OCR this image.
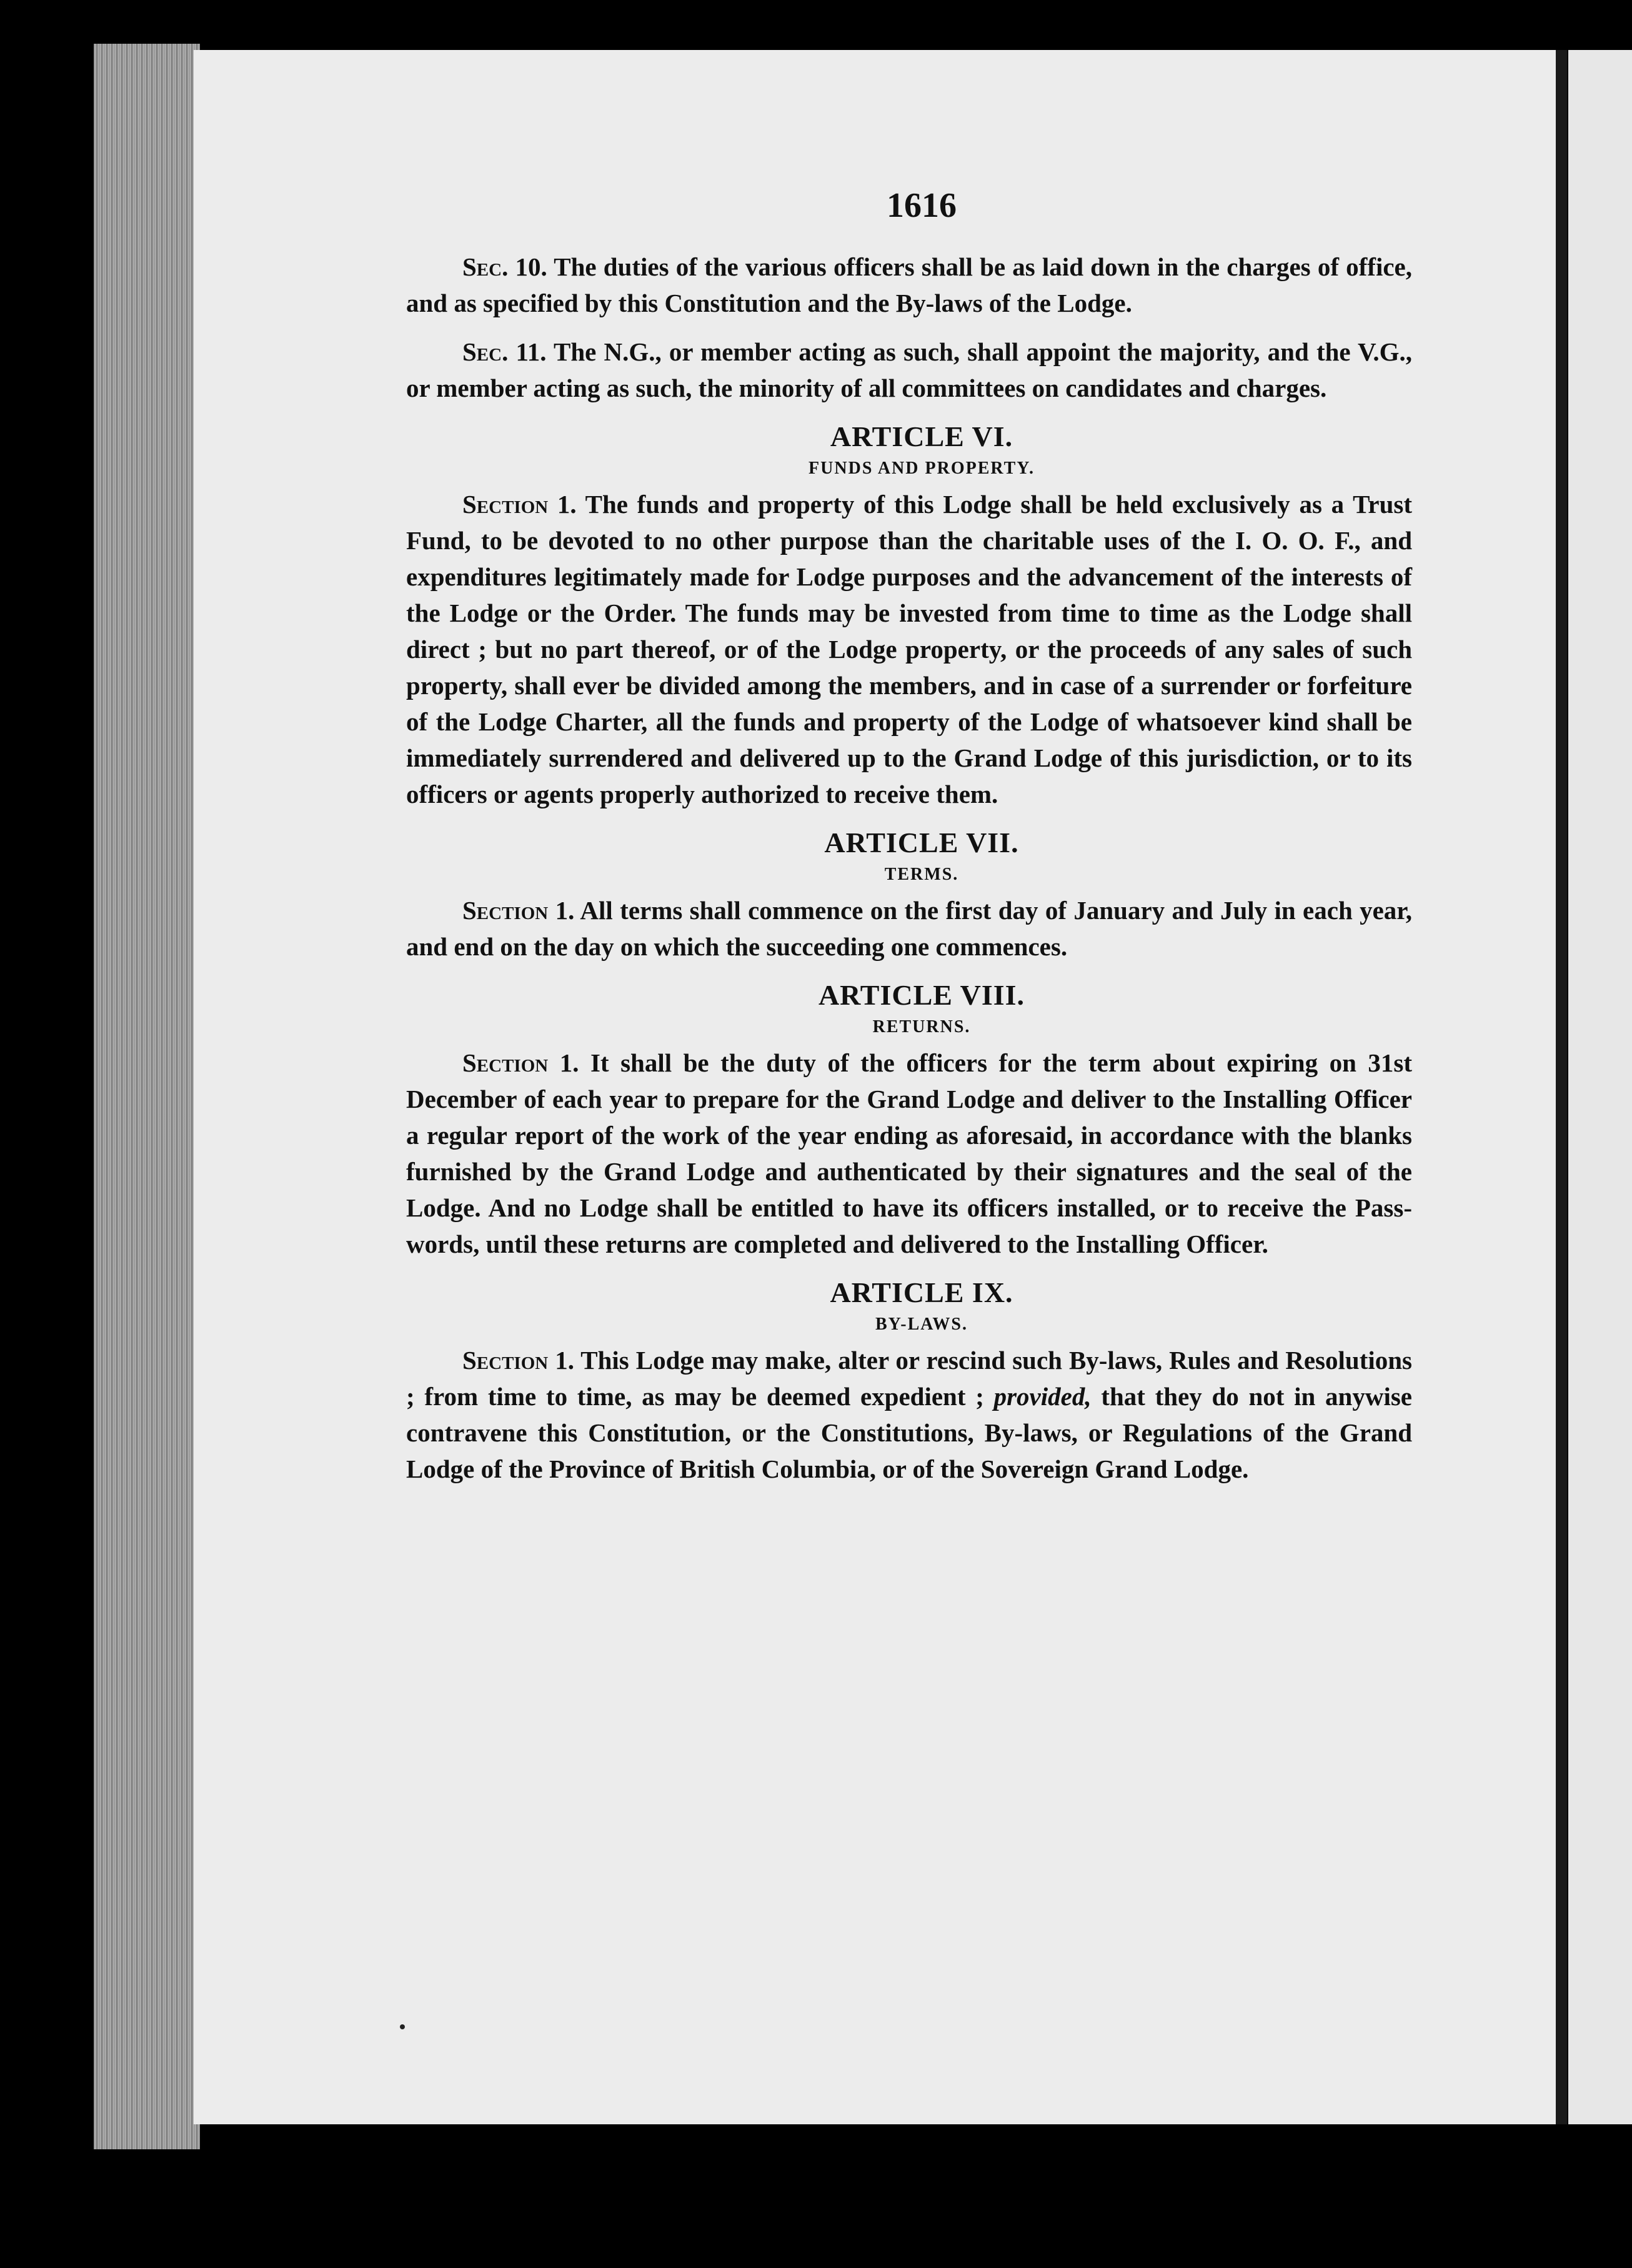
1616

Sec. 10. The duties of the various officers shall be as laid down in the charges of office, and as specified by this Constitution and the By-laws of the Lodge.

Sec. 11. The N.G., or member acting as such, shall appoint the majority, and the V.G., or member acting as such, the minority of all committees on candidates and charges.

ARTICLE VI.
FUNDS AND PROPERTY.

Section 1. The funds and property of this Lodge shall be held exclusively as a Trust Fund, to be devoted to no other purpose than the charitable uses of the I. O. O. F., and expenditures legitimately made for Lodge purposes and the advancement of the interests of the Lodge or the Order. The funds may be invested from time to time as the Lodge shall direct ; but no part thereof, or of the Lodge property, or the proceeds of any sales of such property, shall ever be divided among the members, and in case of a surrender or forfeiture of the Lodge Charter, all the funds and property of the Lodge of whatsoever kind shall be immediately surrendered and delivered up to the Grand Lodge of this jurisdiction, or to its officers or agents properly authorized to receive them.

ARTICLE VII.
TERMS.

Section 1. All terms shall commence on the first day of January and July in each year, and end on the day on which the succeeding one commences.

ARTICLE VIII.
RETURNS.

Section 1. It shall be the duty of the officers for the term about expiring on 31st December of each year to prepare for the Grand Lodge and deliver to the Installing Officer a regular report of the work of the year ending as aforesaid, in accordance with the blanks furnished by the Grand Lodge and authenticated by their signatures and the seal of the Lodge. And no Lodge shall be entitled to have its officers installed, or to receive the Pass-words, until these returns are completed and delivered to the Installing Officer.

ARTICLE IX.
BY-LAWS.

Section 1. This Lodge may make, alter or rescind such By-laws, Rules and Resolutions ; from time to time, as may be deemed expedient ; provided, that they do not in anywise contravene this Constitution, or the Constitutions, By-laws, or Regulations of the Grand Lodge of the Province of British Columbia, or of the Sovereign Grand Lodge.
